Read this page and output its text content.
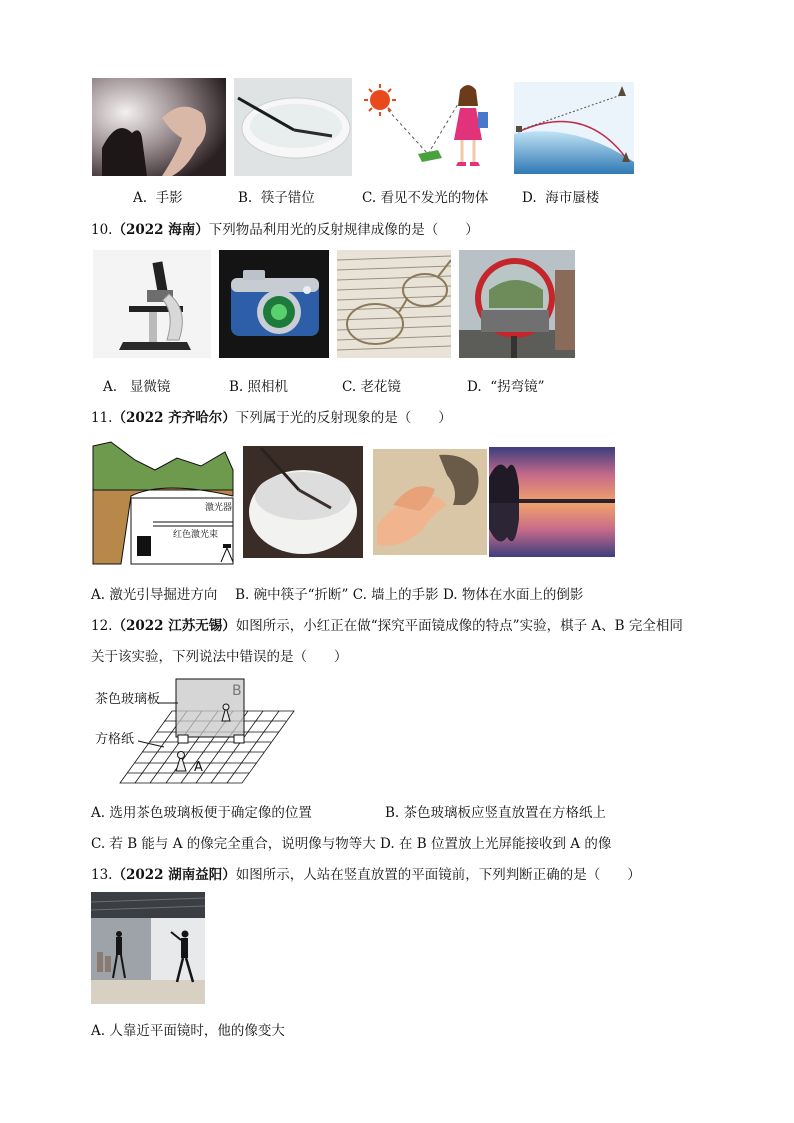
A. 手影	B. 筷子错位	C. 看见不发光的物体 D. 海市蜃楼
10.（2022 海南）下列物品利用光的反射规律成像的是（　　）
A. 显微镜	B. 照相机	C. 老花镜	D. “拐弯镜”
11.（2022 齐齐哈尔）下列属于光的反射现象的是（　　）
激光器
红色激光束
A. 激光引导掘进方向　 B. 碗中筷子“折断” C. 墙上的手影 D. 物体在水面上的倒影
12.（2022 江苏无锡）如图所示，小红正在做“探究平面镜成像的特点”实验，棋子 A、B 完全相同
关于该实验，下列说法中错误的是（　　）
B
A
茶色玻璃板
方格纸
A. 选用茶色玻璃板便于确定像的位置	B. 茶色玻璃板应竖直放置在方格纸上
C. 若 B 能与 A 的像完全重合，说明像与物等大 D. 在 B 位置放上光屏能接收到 A 的像
13.（2022 湖南益阳）如图所示，人站在竖直放置的平面镜前，下列判断正确的是（　　）
A. 人靠近平面镜时，他的像变大
